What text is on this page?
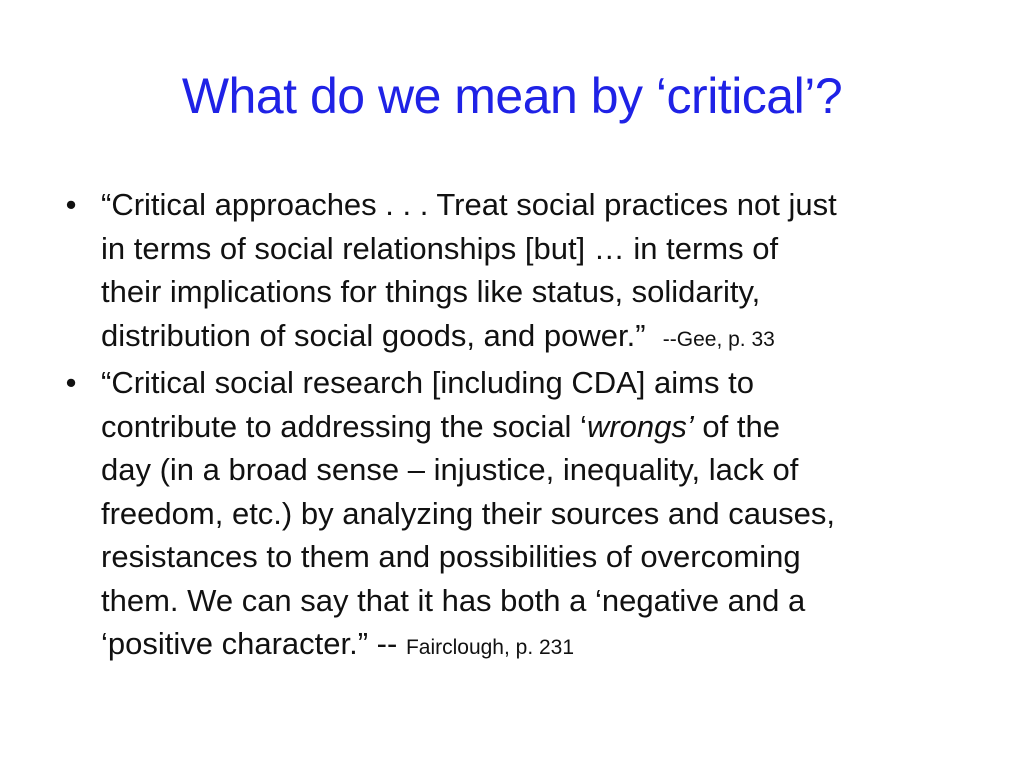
What do we mean by ‘critical’?
• “Critical approaches . . . Treat social practices not just
in terms of social relationships [but] … in terms of
their implications for things like status, solidarity,
distribution of social goods, and power.” --Gee, p. 33
• “Critical social research [including CDA] aims to
contribute to addressing the social ‘wrongs’ of the
day (in a broad sense – injustice, inequality, lack of
freedom, etc.) by analyzing their sources and causes,
resistances to them and possibilities of overcoming
them. We can say that it has both a ‘negative and a
‘positive character.” -- Fairclough, p. 231
